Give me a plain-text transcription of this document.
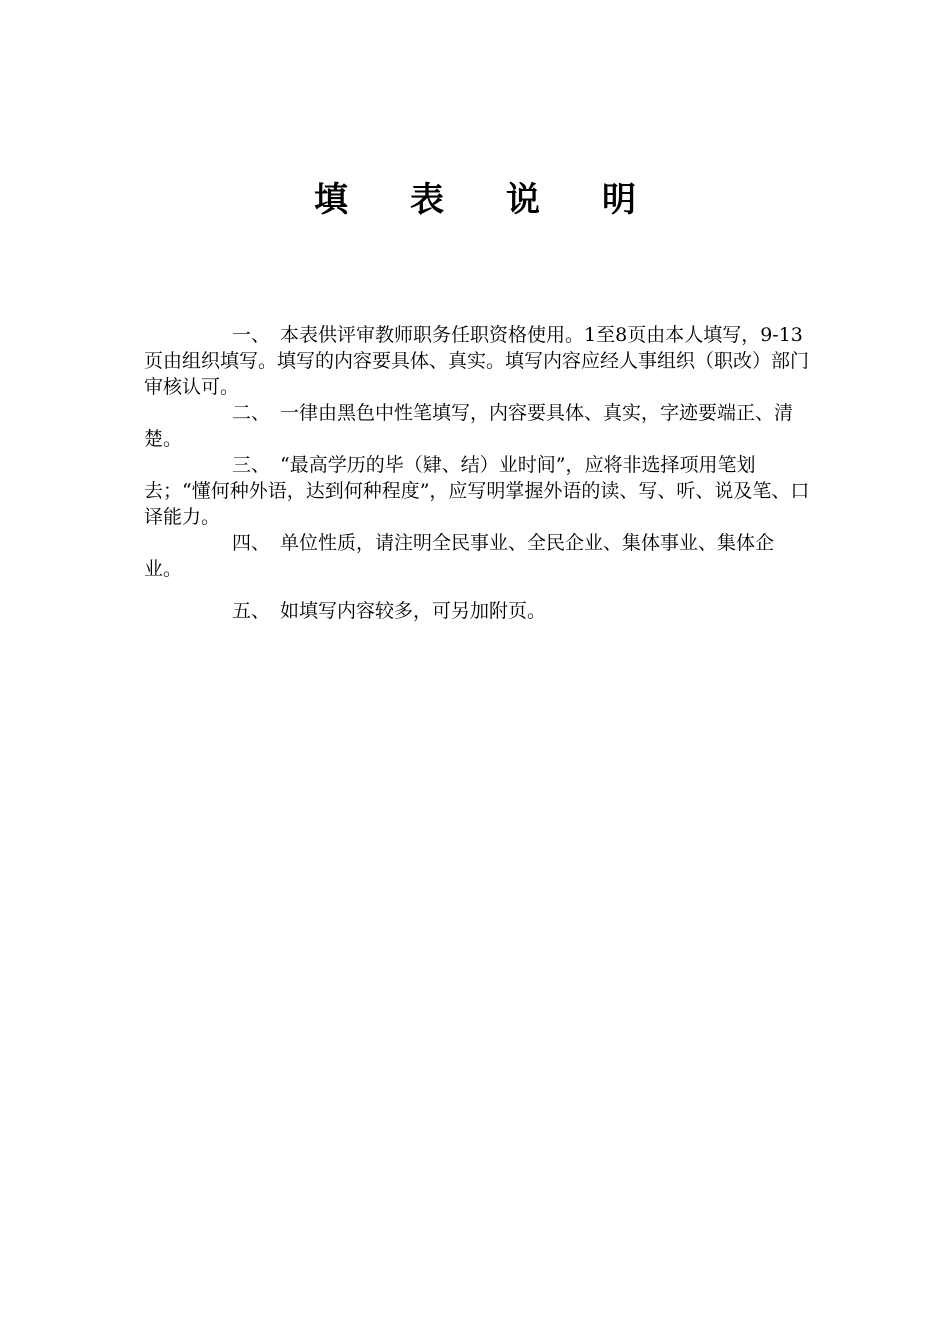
填表说明

一、 本表供评审教师职务任职资格使用。1至8页由本人填写，9-13页由组织填写。填写的内容要具体、真实。填写内容应经人事组织（职改）部门审核认可。

二、 一律由黑色中性笔填写，内容要具体、真实，字迹要端正、清楚。

三、 “最高学历的毕（肄、结）业时间”，应将非选择项用笔划去；“懂何种外语，达到何种程度”，应写明掌握外语的读、写、听、说及笔、口译能力。

四、 单位性质，请注明全民事业、全民企业、集体事业、集体企业。

五、 如填写内容较多，可另加附页。
